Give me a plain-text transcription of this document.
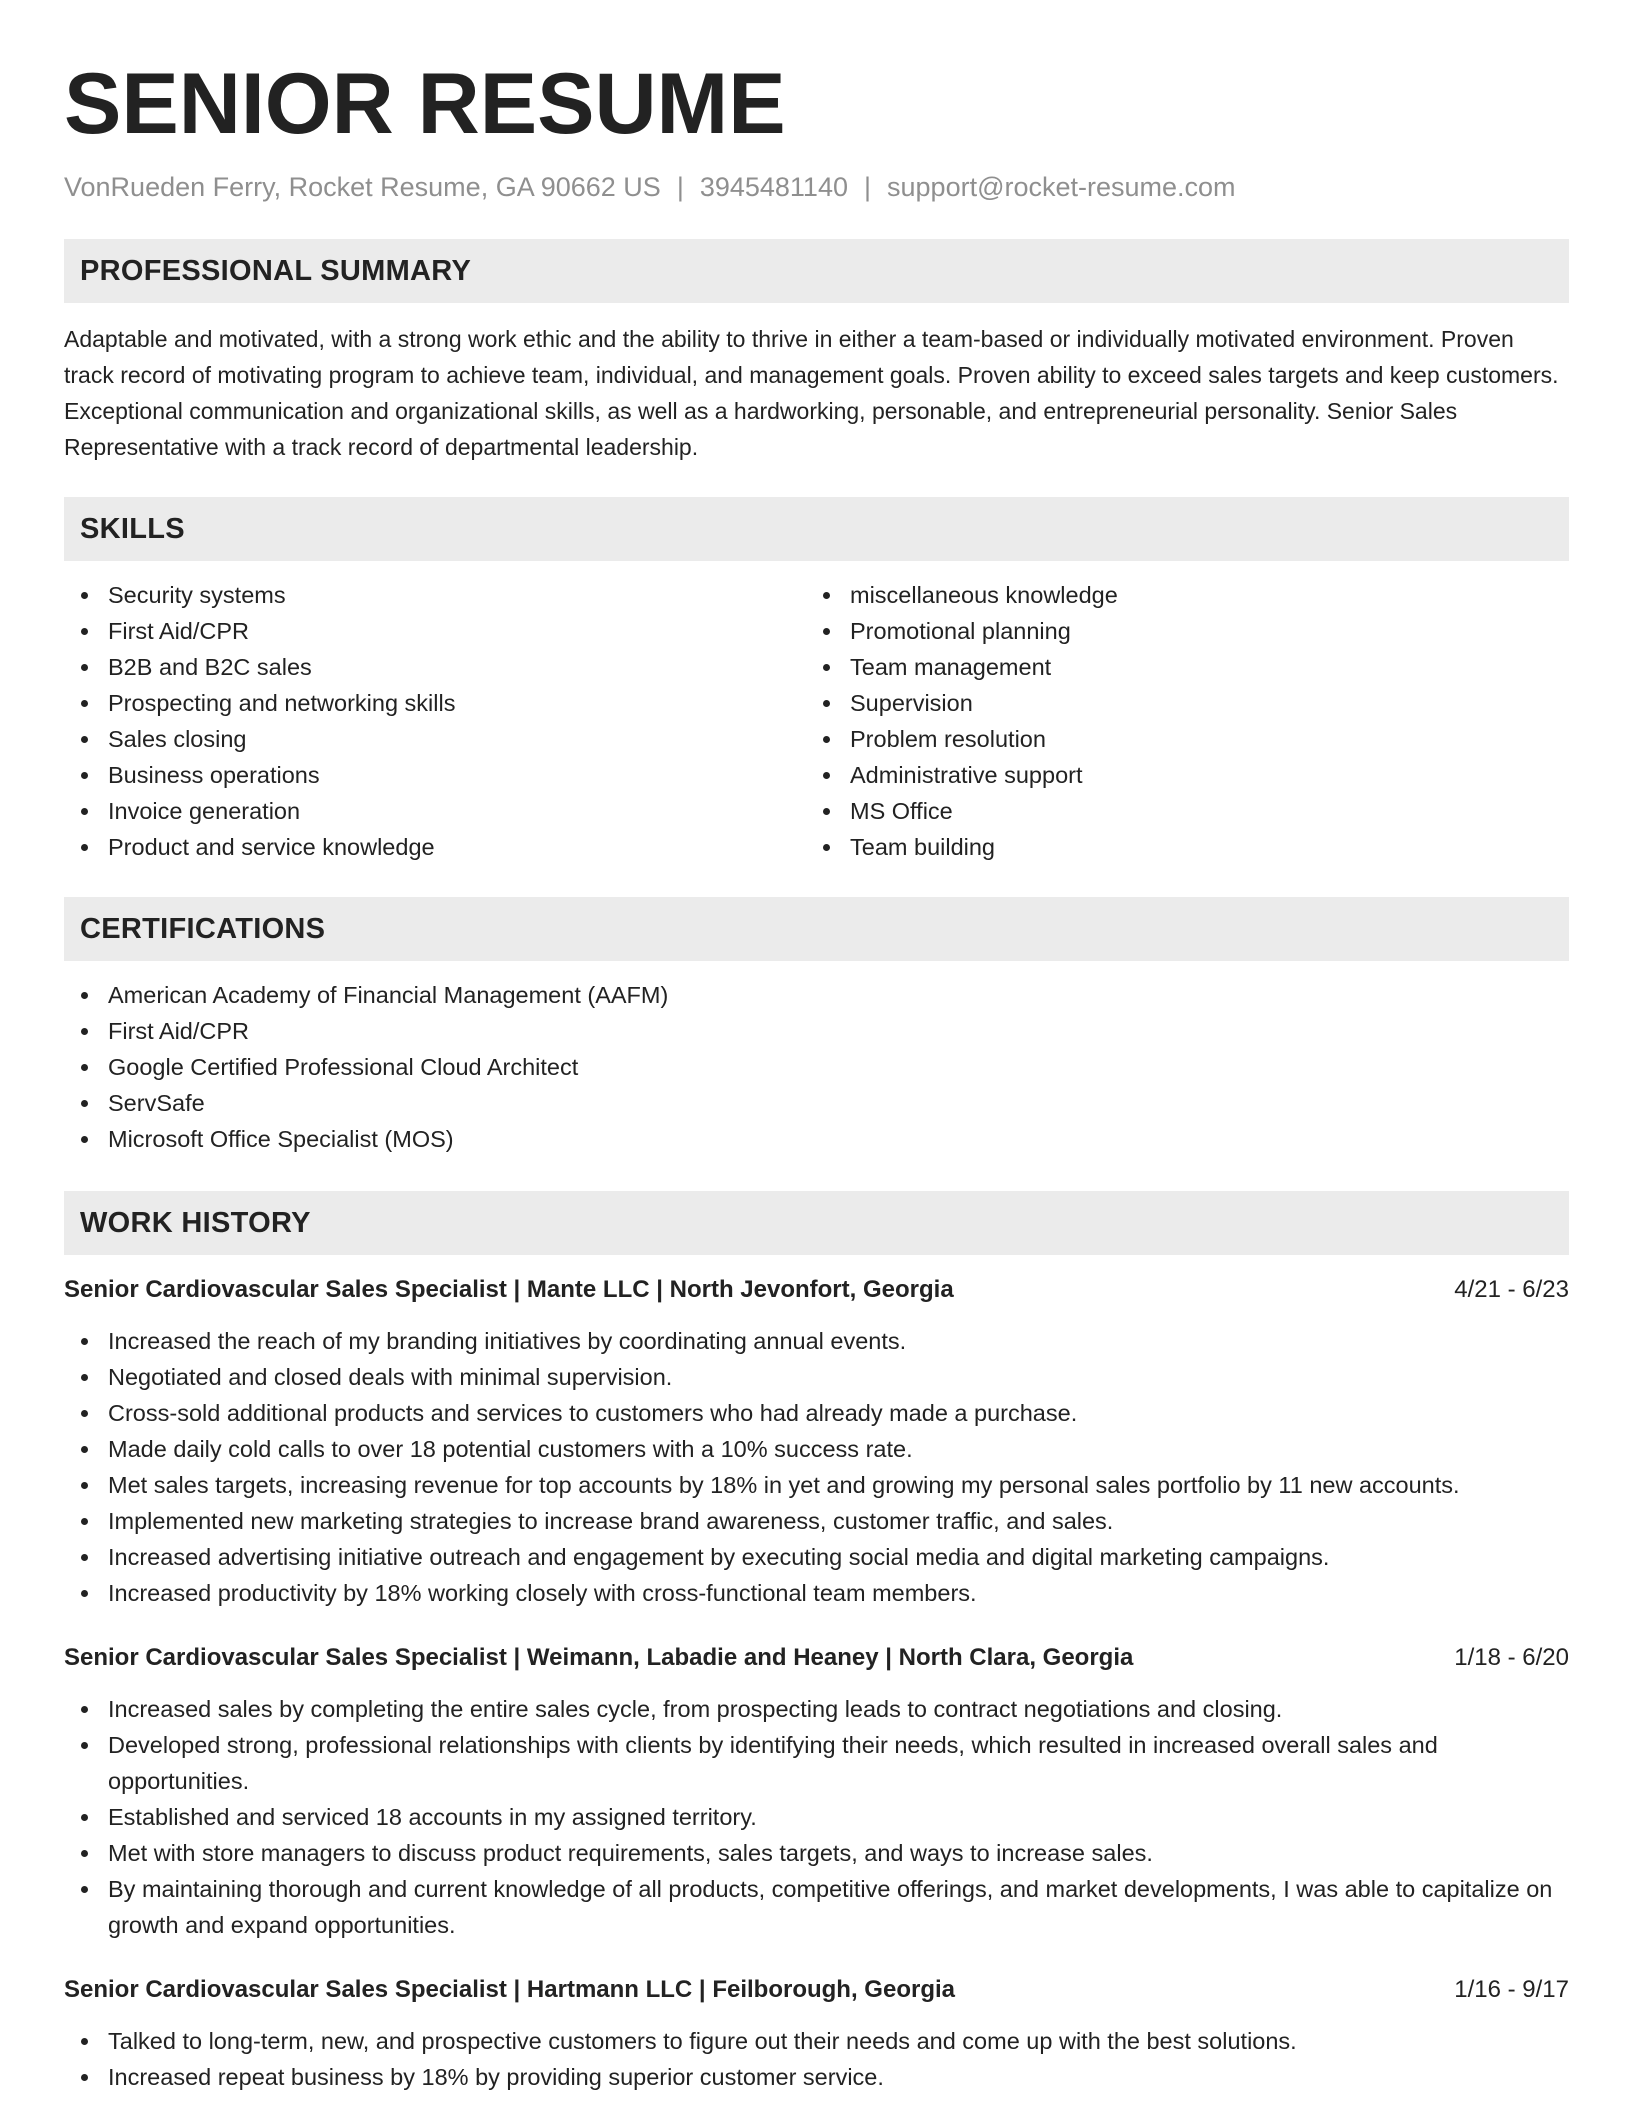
SENIOR RESUME
VonRueden Ferry, Rocket Resume, GA 90662 US | 3945481140 | support@rocket-resume.com
PROFESSIONAL SUMMARY

Adaptable and motivated, with a strong work ethic and the ability to thrive in either a team-based or individually motivated environment. Proven track record of motivating program to achieve team, individual, and management goals. Proven ability to exceed sales targets and keep customers. Exceptional communication and organizational skills, as well as a hardworking, personable, and entrepreneurial personality. Senior Sales Representative with a track record of departmental leadership.

SKILLS
Security systems
First Aid/CPR
B2B and B2C sales
Prospecting and networking skills
Sales closing
Business operations
Invoice generation
Product and service knowledge
miscellaneous knowledge
Promotional planning
Team management
Supervision
Problem resolution
Administrative support
MS Office
Team building
CERTIFICATIONS
American Academy of Financial Management (AAFM)
First Aid/CPR
Google Certified Professional Cloud Architect
ServSafe
Microsoft Office Specialist (MOS)
WORK HISTORY
Senior Cardiovascular Sales Specialist | Mante LLC | North Jevonfort, Georgia	4/21 - 6/23
Increased the reach of my branding initiatives by coordinating annual events.
Negotiated and closed deals with minimal supervision.
Cross-sold additional products and services to customers who had already made a purchase.
Made daily cold calls to over 18 potential customers with a 10% success rate.
Met sales targets, increasing revenue for top accounts by 18% in yet and growing my personal sales portfolio by 11 new accounts.
Implemented new marketing strategies to increase brand awareness, customer traffic, and sales.
Increased advertising initiative outreach and engagement by executing social media and digital marketing campaigns.
Increased productivity by 18% working closely with cross-functional team members.
Senior Cardiovascular Sales Specialist | Weimann, Labadie and Heaney | North Clara, Georgia	1/18 - 6/20
Increased sales by completing the entire sales cycle, from prospecting leads to contract negotiations and closing.
Developed strong, professional relationships with clients by identifying their needs, which resulted in increased overall sales and opportunities.
Established and serviced 18 accounts in my assigned territory.
Met with store managers to discuss product requirements, sales targets, and ways to increase sales.
By maintaining thorough and current knowledge of all products, competitive offerings, and market developments, I was able to capitalize on growth and expand opportunities.
Senior Cardiovascular Sales Specialist | Hartmann LLC | Feilborough, Georgia	1/16 - 9/17
Talked to long-term, new, and prospective customers to figure out their needs and come up with the best solutions.
Increased repeat business by 18% by providing superior customer service.
